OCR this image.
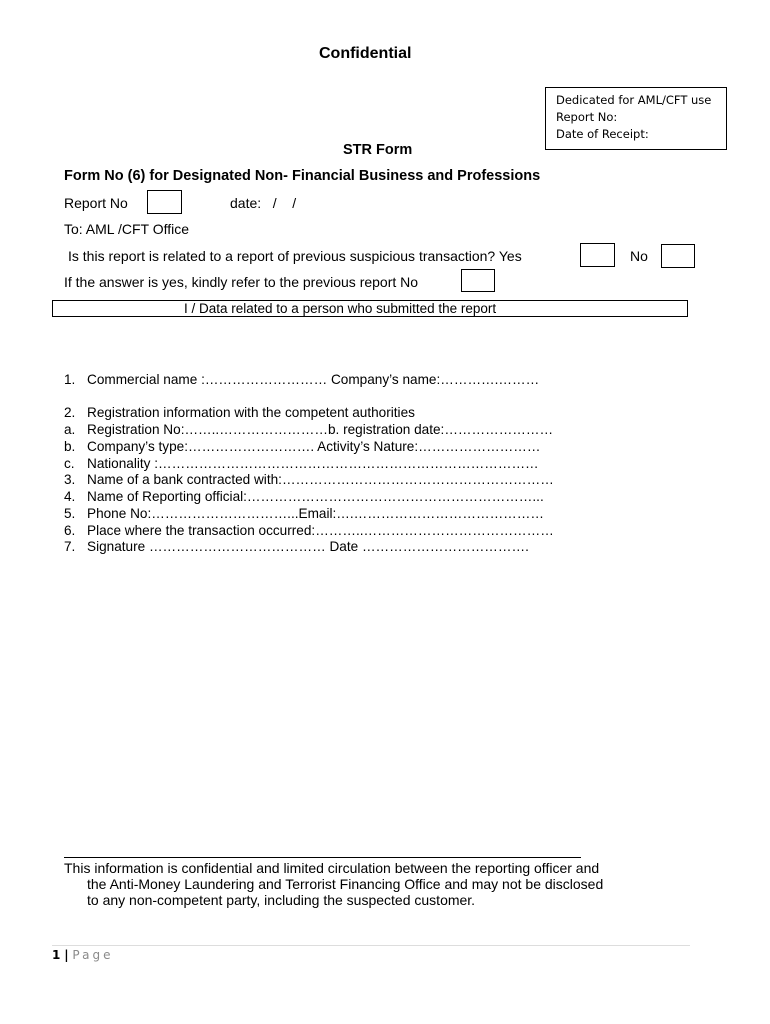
Confidential
Dedicated for AML/CFT use
Report No:
Date of Receipt:
STR Form
Form No (6) for Designated Non- Financial Business and Professions
Report No	date:   /    /
To: AML /CFT Office
Is this report is related to a report of previous suspicious transaction? Yes	No
If the answer is yes, kindly refer to the previous report No
I / Data related to a person who submitted the report
1. Commercial name :……………………… Company’s name:………….………
2. Registration information with the competent authorities
a. Registration No:……..……………………b. registration date:……………………
b. Company’s type:………………………. Activity’s Nature:………………………
c. Nationality :…………………………………………………………………………
3. Name of a bank contracted with:……………………………………………………
4. Name of Reporting official:………………………………………………………...
5. Phone No:…………………………...Email:….……………………………………
6. Place where the transaction occurred:………..……………………………………
7. Signature ………………………………… Date ……………………………….
This information is confidential and limited circulation between the reporting officer and
the Anti-Money Laundering and Terrorist Financing Office and may not be disclosed
to any non-competent party, including the suspected customer.
1 | Page
